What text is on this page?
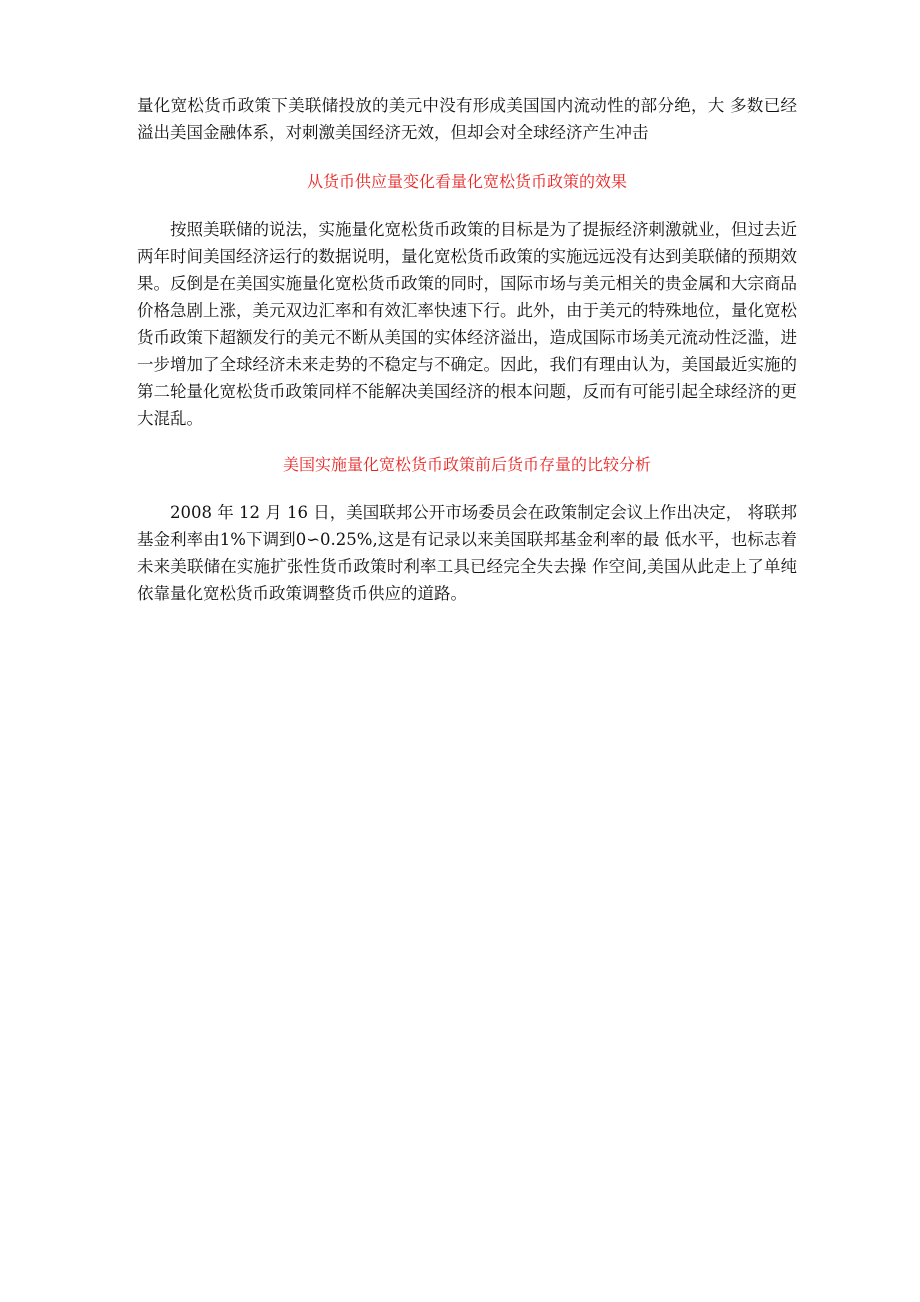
量化宽松货币政策下美联储投放的美元中没有形成美国国内流动性的部分绝，大 多数已经溢出美国金融体系，对刺激美国经济无效，但却会对全球经济产生冲击

从货币供应量变化看量化宽松货币政策的效果

按照美联储的说法，实施量化宽松货币政策的目标是为了提振经济刺激就业，但过去近两年时间美国经济运行的数据说明，量化宽松货币政策的实施远远没有达到美联储的预期效果。反倒是在美国实施量化宽松货币政策的同时，国际市场与美元相关的贵金属和大宗商品价格急剧上涨，美元双边汇率和有效汇率快速下行。此外，由于美元的特殊地位，量化宽松货币政策下超额发行的美元不断从美国的实体经济溢出，造成国际市场美元流动性泛滥，进一步增加了全球经济未来走势的不稳定与不确定。因此，我们有理由认为，美国最近实施的第二轮量化宽松货币政策同样不能解决美国经济的根本问题，反而有可能引起全球经济的更大混乱。

美国实施量化宽松货币政策前后货币存量的比较分析

2008 年 12 月 16 日，美国联邦公开市场委员会在政策制定会议上作出决定， 将联邦基金利率由1%下调到0∽0.25%,这是有记录以来美国联邦基金利率的最 低水平，也标志着未来美联储在实施扩张性货币政策时利率工具已经完全失去操 作空间,美国从此走上了单纯依靠量化宽松货币政策调整货币供应的道路。
